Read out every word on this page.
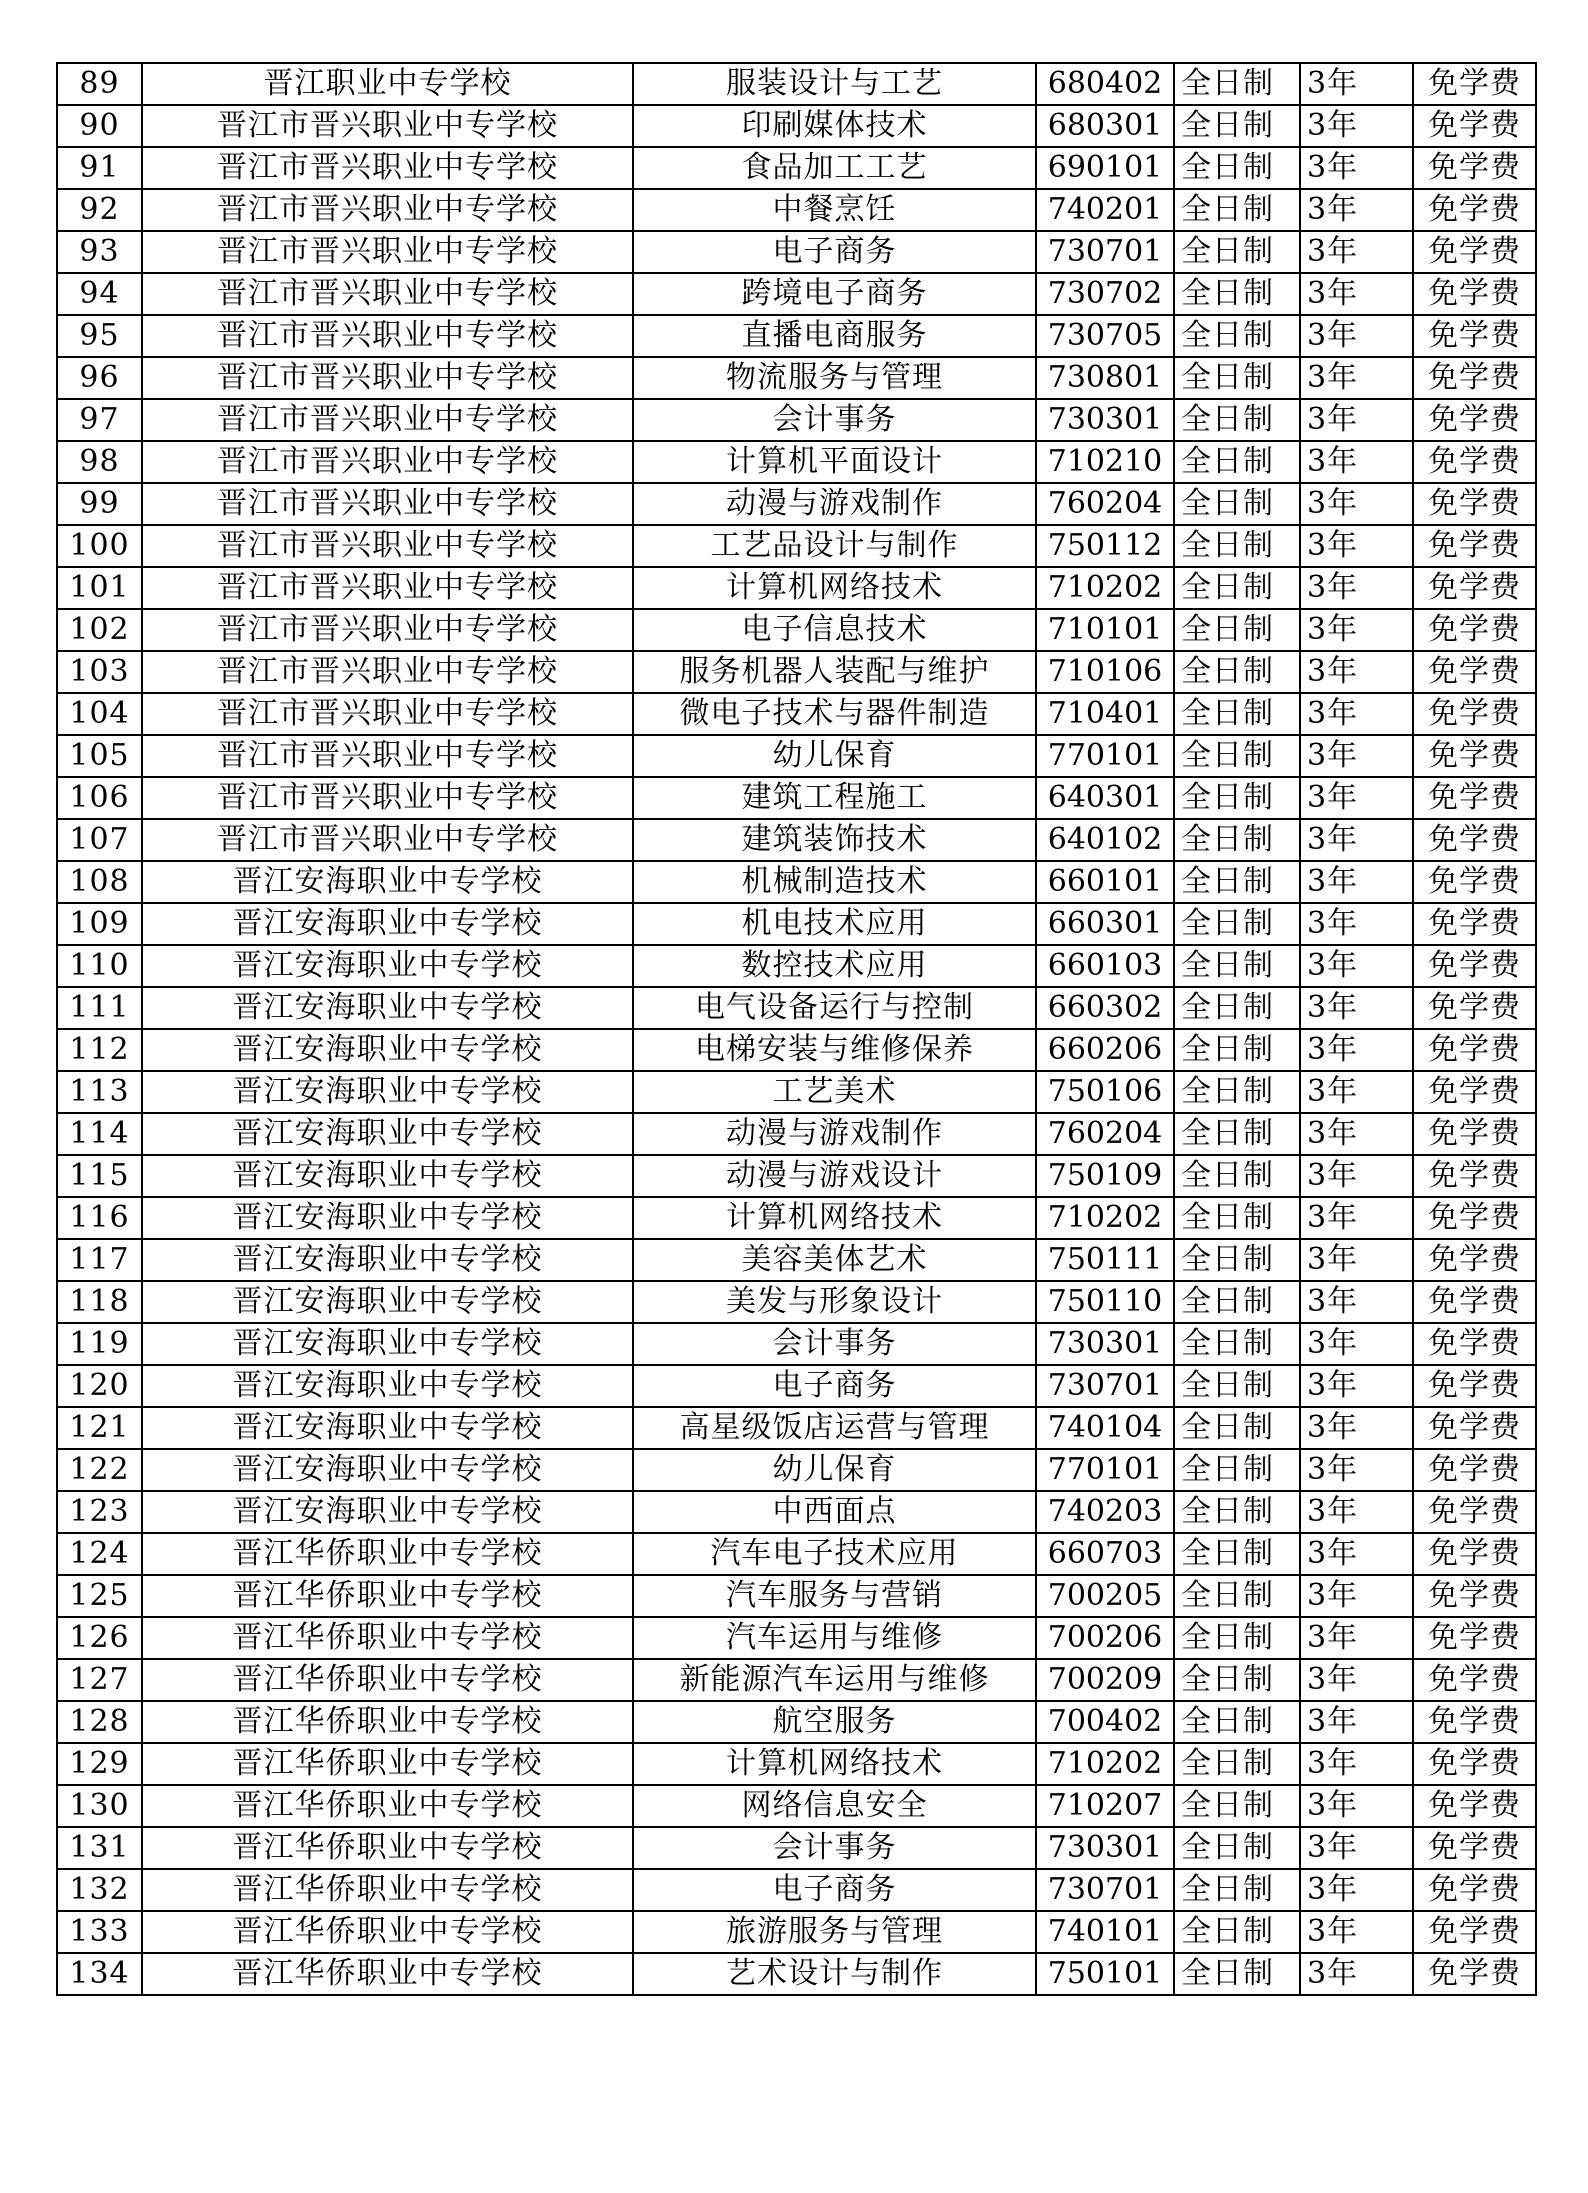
89	晋江职业中专学校	服装设计与工艺	680402	全日制	3年	免学费
90	晋江市晋兴职业中专学校	印刷媒体技术	680301	全日制	3年	免学费
91	晋江市晋兴职业中专学校	食品加工工艺	690101	全日制	3年	免学费
92	晋江市晋兴职业中专学校	中餐烹饪	740201	全日制	3年	免学费
93	晋江市晋兴职业中专学校	电子商务	730701	全日制	3年	免学费
94	晋江市晋兴职业中专学校	跨境电子商务	730702	全日制	3年	免学费
95	晋江市晋兴职业中专学校	直播电商服务	730705	全日制	3年	免学费
96	晋江市晋兴职业中专学校	物流服务与管理	730801	全日制	3年	免学费
97	晋江市晋兴职业中专学校	会计事务	730301	全日制	3年	免学费
98	晋江市晋兴职业中专学校	计算机平面设计	710210	全日制	3年	免学费
99	晋江市晋兴职业中专学校	动漫与游戏制作	760204	全日制	3年	免学费
100	晋江市晋兴职业中专学校	工艺品设计与制作	750112	全日制	3年	免学费
101	晋江市晋兴职业中专学校	计算机网络技术	710202	全日制	3年	免学费
102	晋江市晋兴职业中专学校	电子信息技术	710101	全日制	3年	免学费
103	晋江市晋兴职业中专学校	服务机器人装配与维护	710106	全日制	3年	免学费
104	晋江市晋兴职业中专学校	微电子技术与器件制造	710401	全日制	3年	免学费
105	晋江市晋兴职业中专学校	幼儿保育	770101	全日制	3年	免学费
106	晋江市晋兴职业中专学校	建筑工程施工	640301	全日制	3年	免学费
107	晋江市晋兴职业中专学校	建筑装饰技术	640102	全日制	3年	免学费
108	晋江安海职业中专学校	机械制造技术	660101	全日制	3年	免学费
109	晋江安海职业中专学校	机电技术应用	660301	全日制	3年	免学费
110	晋江安海职业中专学校	数控技术应用	660103	全日制	3年	免学费
111	晋江安海职业中专学校	电气设备运行与控制	660302	全日制	3年	免学费
112	晋江安海职业中专学校	电梯安装与维修保养	660206	全日制	3年	免学费
113	晋江安海职业中专学校	工艺美术	750106	全日制	3年	免学费
114	晋江安海职业中专学校	动漫与游戏制作	760204	全日制	3年	免学费
115	晋江安海职业中专学校	动漫与游戏设计	750109	全日制	3年	免学费
116	晋江安海职业中专学校	计算机网络技术	710202	全日制	3年	免学费
117	晋江安海职业中专学校	美容美体艺术	750111	全日制	3年	免学费
118	晋江安海职业中专学校	美发与形象设计	750110	全日制	3年	免学费
119	晋江安海职业中专学校	会计事务	730301	全日制	3年	免学费
120	晋江安海职业中专学校	电子商务	730701	全日制	3年	免学费
121	晋江安海职业中专学校	高星级饭店运营与管理	740104	全日制	3年	免学费
122	晋江安海职业中专学校	幼儿保育	770101	全日制	3年	免学费
123	晋江安海职业中专学校	中西面点	740203	全日制	3年	免学费
124	晋江华侨职业中专学校	汽车电子技术应用	660703	全日制	3年	免学费
125	晋江华侨职业中专学校	汽车服务与营销	700205	全日制	3年	免学费
126	晋江华侨职业中专学校	汽车运用与维修	700206	全日制	3年	免学费
127	晋江华侨职业中专学校	新能源汽车运用与维修	700209	全日制	3年	免学费
128	晋江华侨职业中专学校	航空服务	700402	全日制	3年	免学费
129	晋江华侨职业中专学校	计算机网络技术	710202	全日制	3年	免学费
130	晋江华侨职业中专学校	网络信息安全	710207	全日制	3年	免学费
131	晋江华侨职业中专学校	会计事务	730301	全日制	3年	免学费
132	晋江华侨职业中专学校	电子商务	730701	全日制	3年	免学费
133	晋江华侨职业中专学校	旅游服务与管理	740101	全日制	3年	免学费
134	晋江华侨职业中专学校	艺术设计与制作	750101	全日制	3年	免学费
